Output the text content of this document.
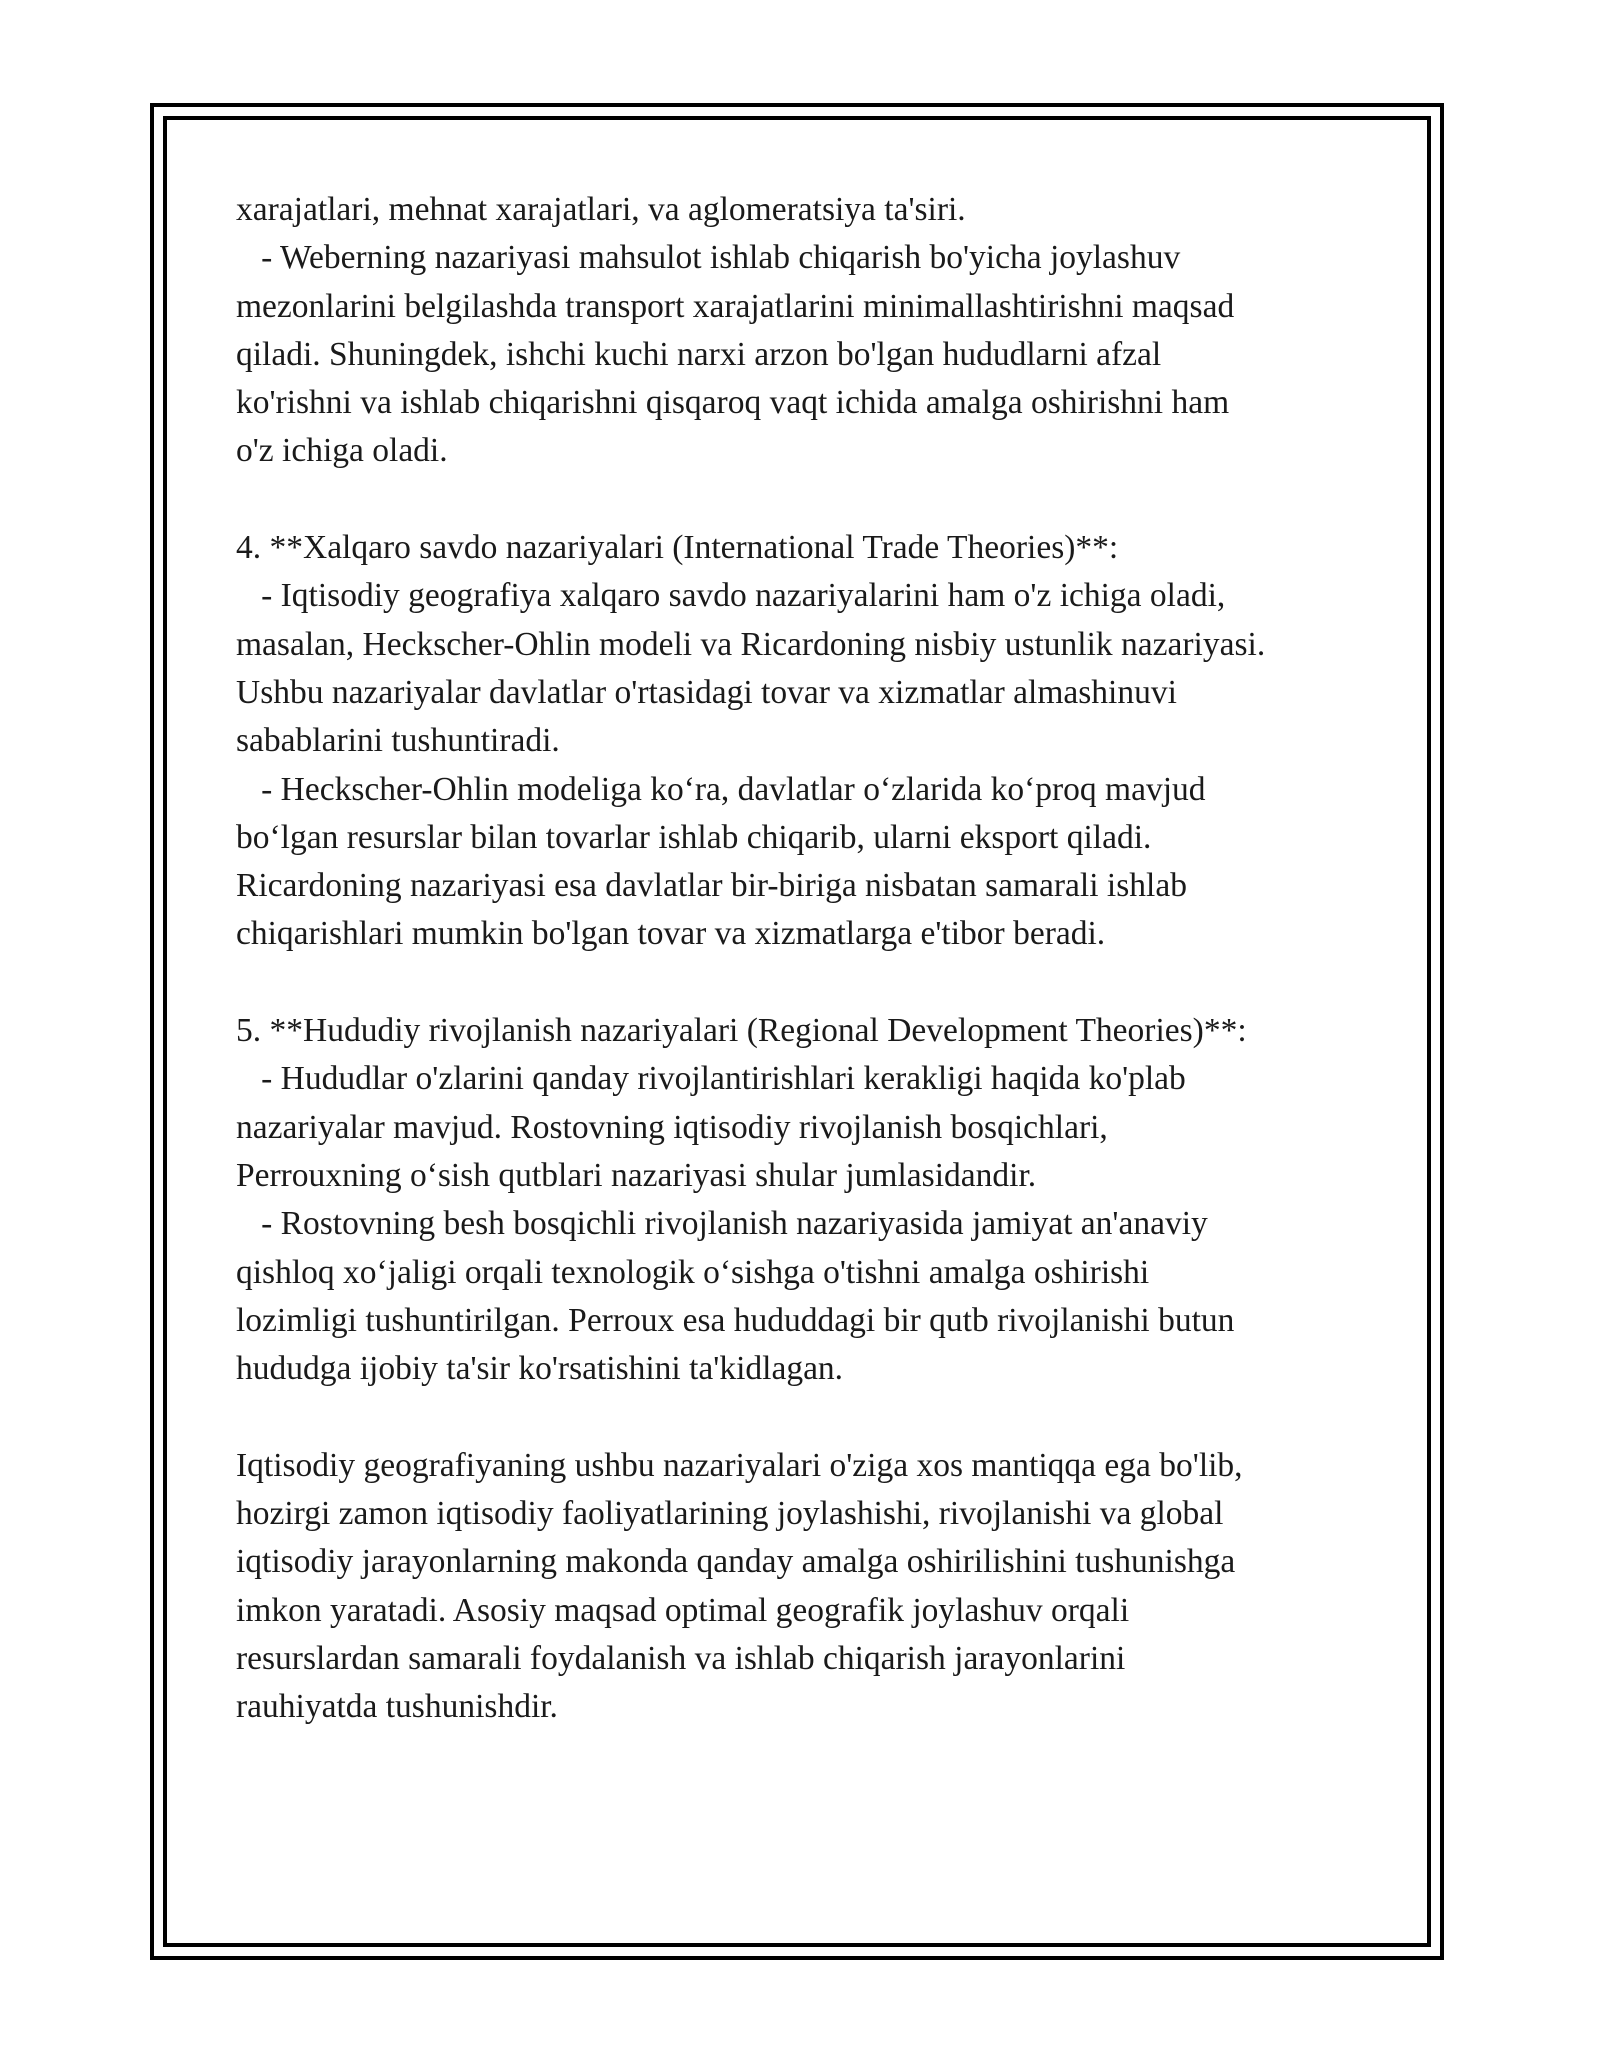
xarajatlari, mehnat xarajatlari, va aglomeratsiya ta'siri.
- Weberning nazariyasi mahsulot ishlab chiqarish bo'yicha joylashuv
mezonlarini belgilashda transport xarajatlarini minimallashtirishni maqsad
qiladi. Shuningdek, ishchi kuchi narxi arzon bo'lgan hududlarni afzal
ko'rishni va ishlab chiqarishni qisqaroq vaqt ichida amalga oshirishni ham
o'z ichiga oladi.
4. **Xalqaro savdo nazariyalari (International Trade Theories)**:
- Iqtisodiy geografiya xalqaro savdo nazariyalarini ham o'z ichiga oladi,
masalan, Heckscher-Ohlin modeli va Ricardoning nisbiy ustunlik nazariyasi.
Ushbu nazariyalar davlatlar o'rtasidagi tovar va xizmatlar almashinuvi
sabablarini tushuntiradi.
- Heckscher-Ohlin modeliga ko‘ra, davlatlar o‘zlarida ko‘proq mavjud
bo‘lgan resurslar bilan tovarlar ishlab chiqarib, ularni eksport qiladi.
Ricardoning nazariyasi esa davlatlar bir-biriga nisbatan samarali ishlab
chiqarishlari mumkin bo'lgan tovar va xizmatlarga e'tibor beradi.
5. **Hududiy rivojlanish nazariyalari (Regional Development Theories)**:
- Hududlar o'zlarini qanday rivojlantirishlari kerakligi haqida ko'plab
nazariyalar mavjud. Rostovning iqtisodiy rivojlanish bosqichlari,
Perrouxning o‘sish qutblari nazariyasi shular jumlasidandir.
- Rostovning besh bosqichli rivojlanish nazariyasida jamiyat an'anaviy
qishloq xo‘jaligi orqali texnologik o‘sishga o'tishni amalga oshirishi
lozimligi tushuntirilgan. Perroux esa hududdagi bir qutb rivojlanishi butun
hududga ijobiy ta'sir ko'rsatishini ta'kidlagan.
Iqtisodiy geografiyaning ushbu nazariyalari o'ziga xos mantiqqa ega bo'lib,
hozirgi zamon iqtisodiy faoliyatlarining joylashishi, rivojlanishi va global
iqtisodiy jarayonlarning makonda qanday amalga oshirilishini tushunishga
imkon yaratadi. Asosiy maqsad optimal geografik joylashuv orqali
resurslardan samarali foydalanish va ishlab chiqarish jarayonlarini
rauhiyatda tushunishdir.
